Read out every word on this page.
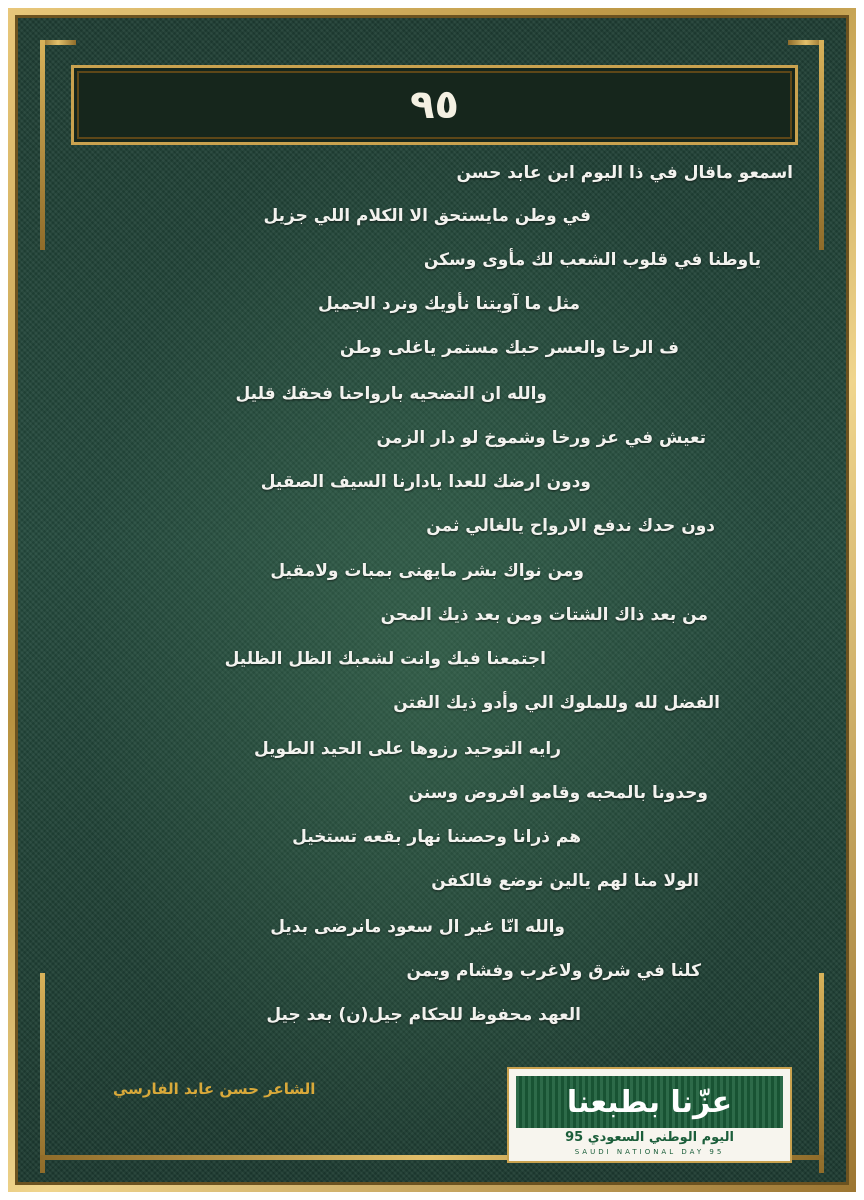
٩٥
اسمعو ماقال في ذا اليوم ابن عابد حسن
في وطن مايستحق الا الكلام اللي جزيل
ياوطنا في قلوب الشعب لك مأوى وسكن
مثل ما آويتنا نأويك ونرد الجميل
ف الرخا والعسر حبك مستمر ياغلى وطن
والله ان التضحيه بارواحنا فحقك قليل
تعيش في عز ورخا وشموخ لو دار الزمن
ودون ارضك للعدا يادارنا السيف الصقيل
دون حدك ندفع الارواح يالغالي ثمن
ومن نواك بشر مايهنى بمبات ولامقيل
من بعد ذاك الشتات ومن بعد ذيك المحن
اجتمعنا فيك وانت لشعبك الظل الظليل
الفضل لله وللملوك الي وأدو ذيك الفتن
رايه التوحيد رزوها على الحيد الطويل
وحدونا بالمحبه وقامو افروض وسنن
هم ذرانا وحصننا نهار بقعه تستخيل
الولا منا لهم يالين نوضع فالكفن
والله انّا غير ال سعود مانرضى بديل
كلنا في شرق ولاغرب وفشام ويمن
العهد محفوظ للحكام جيل(ن) بعد جيل
الشاعر حسن عابد الفارسي	عزّنا بطبعنا
اليوم الوطني السعودي 95
SAUDI NATIONAL DAY 95
